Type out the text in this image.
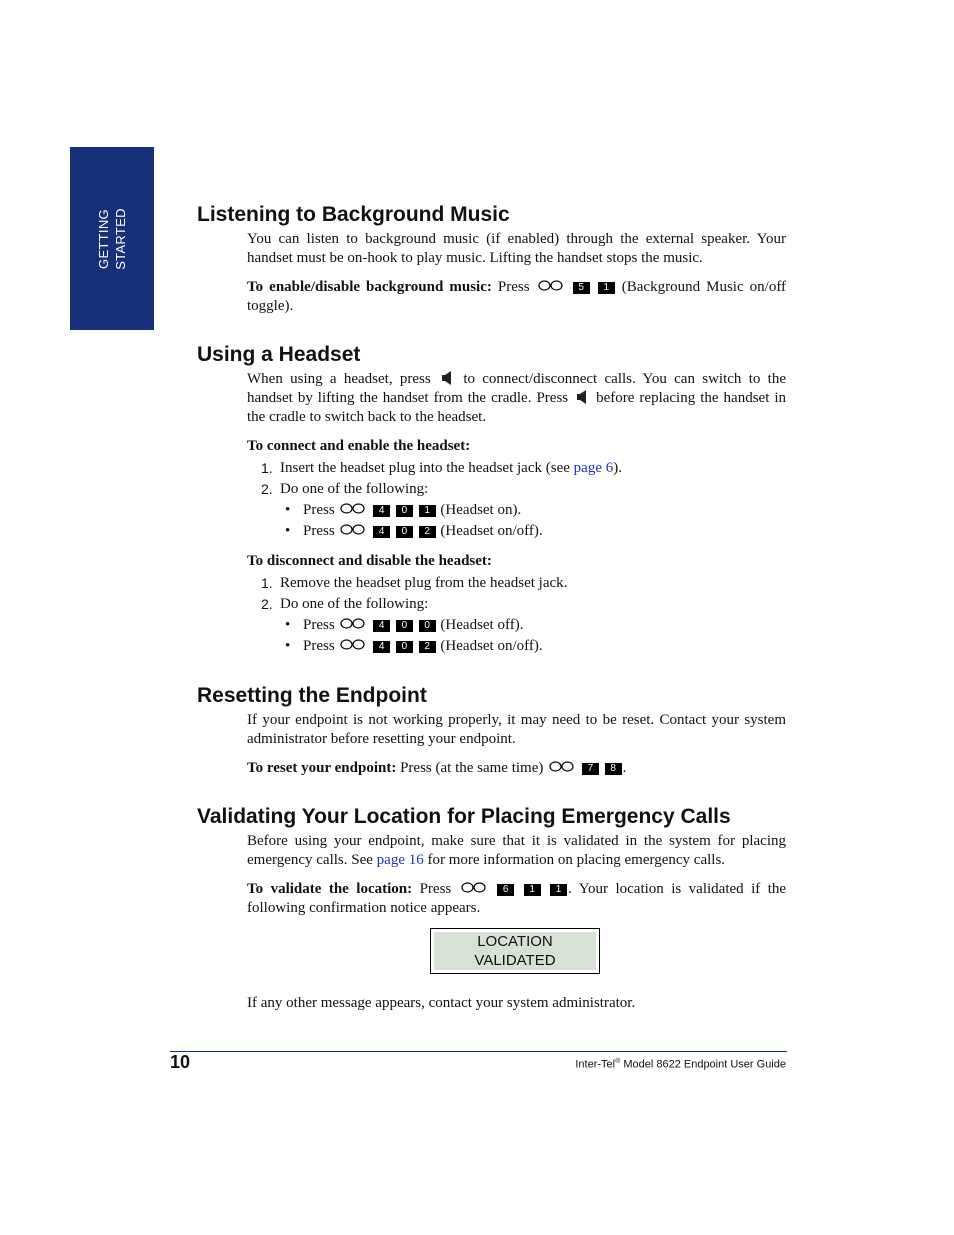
GETTING STARTED	Listening to Background Music

You can listen to background music (if enabled) through the external speaker. Your handset must be on-hook to play music. Lifting the handset stops the music.

To enable/disable background music: Press	5 1 (Background Music on/off toggle).

Using a Headset

When using a headset, press to connect/disconnect calls. You can switch to the handset by lifting the handset from the cradle. Press before replacing the handset in the cradle to switch back to the headset.

To connect and enable the headset:

1. Insert the headset plug into the headset jack (see page 6).
2. Do one of the following:
• Press	4 0 1 (Headset on).
• Press	4 0 2 (Headset on/off).

To disconnect and disable the headset:

1. Remove the headset plug from the headset jack.
2. Do one of the following:
• Press	4 0 0 (Headset off).
• Press	4 0 2 (Headset on/off).
Resetting the Endpoint

If your endpoint is not working properly, it may need to be reset. Contact your system administrator before resetting your endpoint.

To reset your endpoint: Press (at the same time)	7 8 .

Validating Your Location for Placing Emergency Calls

Before using your endpoint, make sure that it is validated in the system for placing emergency calls. See page 16 for more information on placing emergency calls.

To validate the location: Press	6 1 1 . Your location is validated if the following confirmation notice appears.

LOCATION
VALIDATED

If any other message appears, contact your system administrator.

10	Inter-Tel® Model 8622 Endpoint User Guide
